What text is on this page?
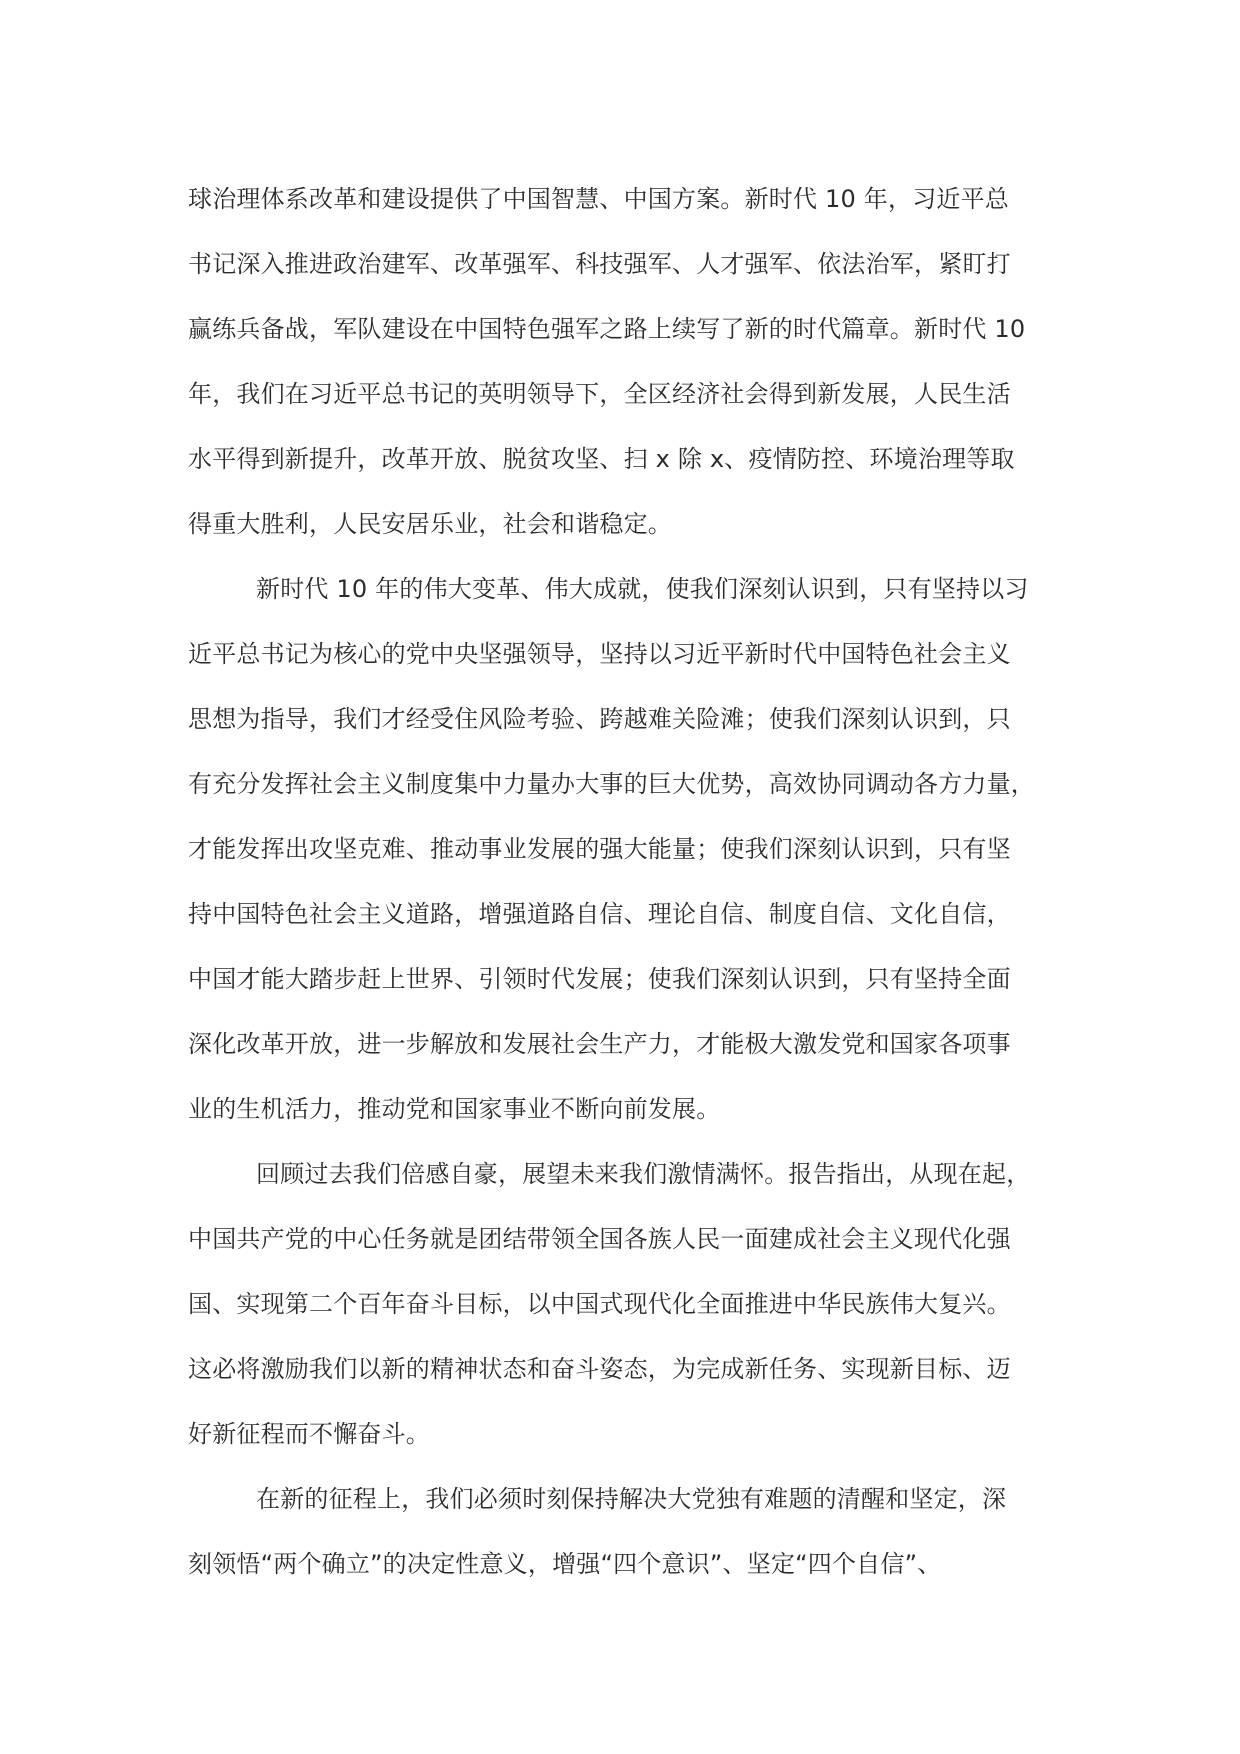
球治理体系改革和建设提供了中国智慧、中国方案。新时代 10 年，习近平总
书记深入推进政治建军、改革强军、科技强军、人才强军、依法治军，紧盯打
赢练兵备战，军队建设在中国特色强军之路上续写了新的时代篇章。新时代 10
年，我们在习近平总书记的英明领导下，全区经济社会得到新发展，人民生活
水平得到新提升，改革开放、脱贫攻坚、扫 x 除 x、疫情防控、环境治理等取
得重大胜利，人民安居乐业，社会和谐稳定。
新时代 10 年的伟大变革、伟大成就，使我们深刻认识到，只有坚持以习
近平总书记为核心的党中央坚强领导，坚持以习近平新时代中国特色社会主义
思想为指导，我们才经受住风险考验、跨越难关险滩；使我们深刻认识到，只
有充分发挥社会主义制度集中力量办大事的巨大优势，高效协同调动各方力量，
才能发挥出攻坚克难、推动事业发展的强大能量；使我们深刻认识到，只有坚
持中国特色社会主义道路，增强道路自信、理论自信、制度自信、文化自信，
中国才能大踏步赶上世界、引领时代发展；使我们深刻认识到，只有坚持全面
深化改革开放，进一步解放和发展社会生产力，才能极大激发党和国家各项事
业的生机活力，推动党和国家事业不断向前发展。
回顾过去我们倍感自豪，展望未来我们激情满怀。报告指出，从现在起，
中国共产党的中心任务就是团结带领全国各族人民一面建成社会主义现代化强
国、实现第二个百年奋斗目标，以中国式现代化全面推进中华民族伟大复兴。
这必将激励我们以新的精神状态和奋斗姿态，为完成新任务、实现新目标、迈
好新征程而不懈奋斗。
在新的征程上，我们必须时刻保持解决大党独有难题的清醒和坚定，深
刻领悟“两个确立”的决定性意义，增强“四个意识”、坚定“四个自信”、
